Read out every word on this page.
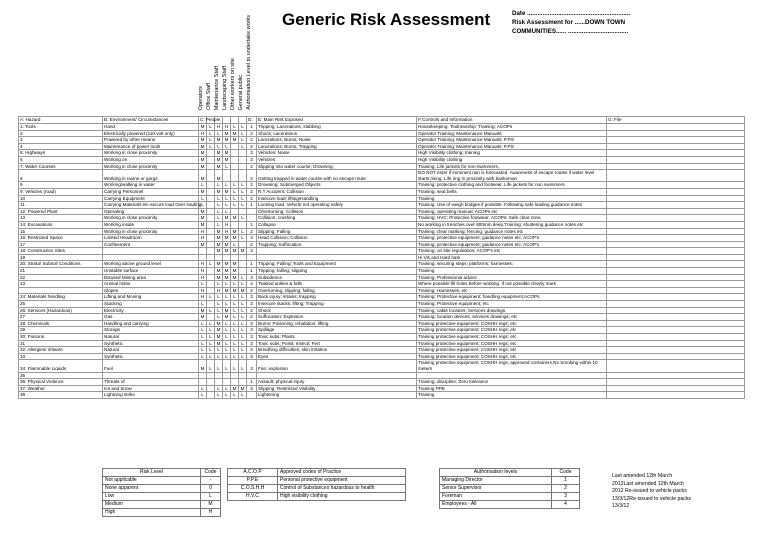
Generic Risk Assessment	Date ............................................................
Risk Assessment for ......DOWN TOWN
COMMUNITIES...... ...................................
Operators Office Staff Maintenance Staff Landscaping Staff Other workers on site General public Authorisation Level to undertake works
A: Hazard	B: Environment/ Circumstances	C: People						D:	E: Main Risk Exposed	F:Controls and Information	G: File
1: Tools	Hand	M	L	H	H	L	L	1	Tripping; Lacerations; stabbing	Housekeeping; Toolmanship; Training; ACOPs	
2	Electrically powered (110 volt only)	H	L	L	M	M	L	2	Shock; Lacerations	Operator Training; Maintenance Manuals;	
3	Powered by other means	M	L	M	M	M	L	2	Lacerations; Burns; Noise	Operator Training; Maintenance Manuals; P.P.E	
4	Maintenance of power tools	M	L	L	L		L	2	Lacerations; Burns; Trapping	Operator Training; Maintenance Manuals; P.P.E	
5: Highways	Working in close proximity	M		M	M			3	Vehicles; Noise	High Visibility clothing; training	
6	Working on	M		M	M			3	Vehicles	High Visibility clothing	
7: Water Courses	Working in close proximity	M		M	L			2	Slipping into water course; Drowning;	Training; Life jackets for non-swimmers,	
8	Working in ravine or gorge	M		M				2	Getting trapped in water course with no escape route	DO NOT enter if imminent rain is forecasted. Awareness of escape routes if water level starts rising. Life ring in proximity with bankoman	
9	Working/walking in water	L		L	L	L	L	2	Drowning; Submerged Objects	Training; protective clothing and footwear. Life jackets for non swimmers	
9: Vehicles (road)	Carrying Personnel	M		M	M	L	L	2	R.T Accident; Collision	Training; seat belts	
10	Carrying Equipment	L		L	L	L	L	2	Insecure load; lifting/Handling	Training	
11	Carrying Materials etc-secure load Over loading	L		L	L	L	L	1	Loosing load. Vehicle not operating safely	Training. Use of weigh bridges if possible. Following safe loading guidance notes	
12: Powered Plant	Operating	M		L	L				O/verturning; Collision	Training, operating manual; ACOPs etc	
13	Working in close proximity	M		L	M	M	L		Collision; crushing	Training; HVC; Protective footwear; ACOPs; Safe clear zone	
14: Excavations	Working inside	M		L	H			1	Collapse	No working in trenches over 600mm deep.Training; shuttering guidance notes etc	
15	Working in close proximity	H		M	H	M	L	2	Slipping; Falling	Training; clear marking; fencing; guidance notes etc	
16: Restricted Space	Limited Headroom	H		M	M	M	L	3	Head Collision; Collision	Training; protective equipment; guidance notes etc; ACOP's	
17	Confinement	M		M	M	L		2	Trapping; Suffocation	Training; protective equipment; guidance notes etc; ACOP's	
18: Construction Sites				M	M	M	M	3		Training; on site regulations; ACOP's etc	
19										Hi Vis and Hard hats	
20: Strata/ Subsoil Conditions	Working above ground level	H	L	M	M	M		1	Tripping; Falling; Tools and Equipment	Training; securing steps; platforms; harnesses;	
21	Unstable surface	H		M	M	M		1	Tripping; falling; slipping	Training	
22	Disused Mining area	H		M	M	M	L	3	Subsidence	Training; Professional advice	
23	Animal holes	L		L	L	L	L	4	Twisted ankles & falls	Where possible fill holes before working. If not possible clearly mark	
	Slopes	H		H	M	M	M	2	Overturning; slipping; falling	Training; Harnesses; etc	
24: Materials handling	Lifting and Moving	H	L	L	L	L	L	3	Back injury; strains; trapping	Training; Protective equipment; handling equipment;ACOPs	
25	Stacking	L		L	L	L	L	3	Insecure stacks; lifting; Trapping	Training; Protective equipment; etc	
26: Services (Hazardous)	Electricity	M	L	L	M	L	L	2	Shock	Training; cable locators; Services drawings	
27	Gas	M		L	M	L	L	2	Suffocation; Explosion	Training; location devices; services drawings; etc	
28: Chemicals	Handling and carrying	L	L	M	L	L	L	3	Burns; Poisoning; Inhalation; lifting	Training protective equipment; COSHH regs; etc	
29	Storage	L	L	M	L	L	L	3	Spillage	Training protective equipment; COSHH regs; etc	
30: Poisons	Natural	L	L	M	L	L	L	3	Toxic subs; Plants	Training protective equipment; COSHH regs; etc	
31	Synthetic	L	L	M	L	L	L	3	Toxic subs; Poisit; Insecti; Fert	Training protective equipment; COSHH regs; etc	
32: Allergies/ irritants	Natural	L	L	L	L	L	L	3	Breathing difficulties; skin irritation	Training protective equipment; COSHH regs; etc	
33	Synthetic	L	L	L	L	L	L	3	Eyes	Training protective equipment; COSHH regs; etc	
34: Flammable Liquids	Fuel	M	L	L	L	L	L	3	Fire; explosion	Training protective equipment; COSHH regs; approved containers.No Smoking within 10 meters	
35											
36: Physical Violence	Threats of							1	Assault; physical injury	Training; discipline; Zero tolerance	
37: Weather	Ice and Snow	L		L	L	M	M	3	Slipping; Restricted Visibility	Training PPE	
38	Lightning strike	L		L	L	L	L		Lightening	Training	
Risk Level	Code
Not applicable	-
None apparent	0
Low	L
Medium	M
High	H
A.C.O.P	Approved codes of Practice
P.P.E	Personal protective equipment
C.O.S.H.H	Control of Substances hazardous to health
H.V.C	High visibility clothing
Authorisation levels	Code
Managing Director	1
Senior Supervisor	2
Foreman	3
Employees - All	4
Last amended 12th March
2012Last amended 12th March
2012 Re-issued to vehicle packs
13/3/12Re-issued to vehicle packs
13/3/12
